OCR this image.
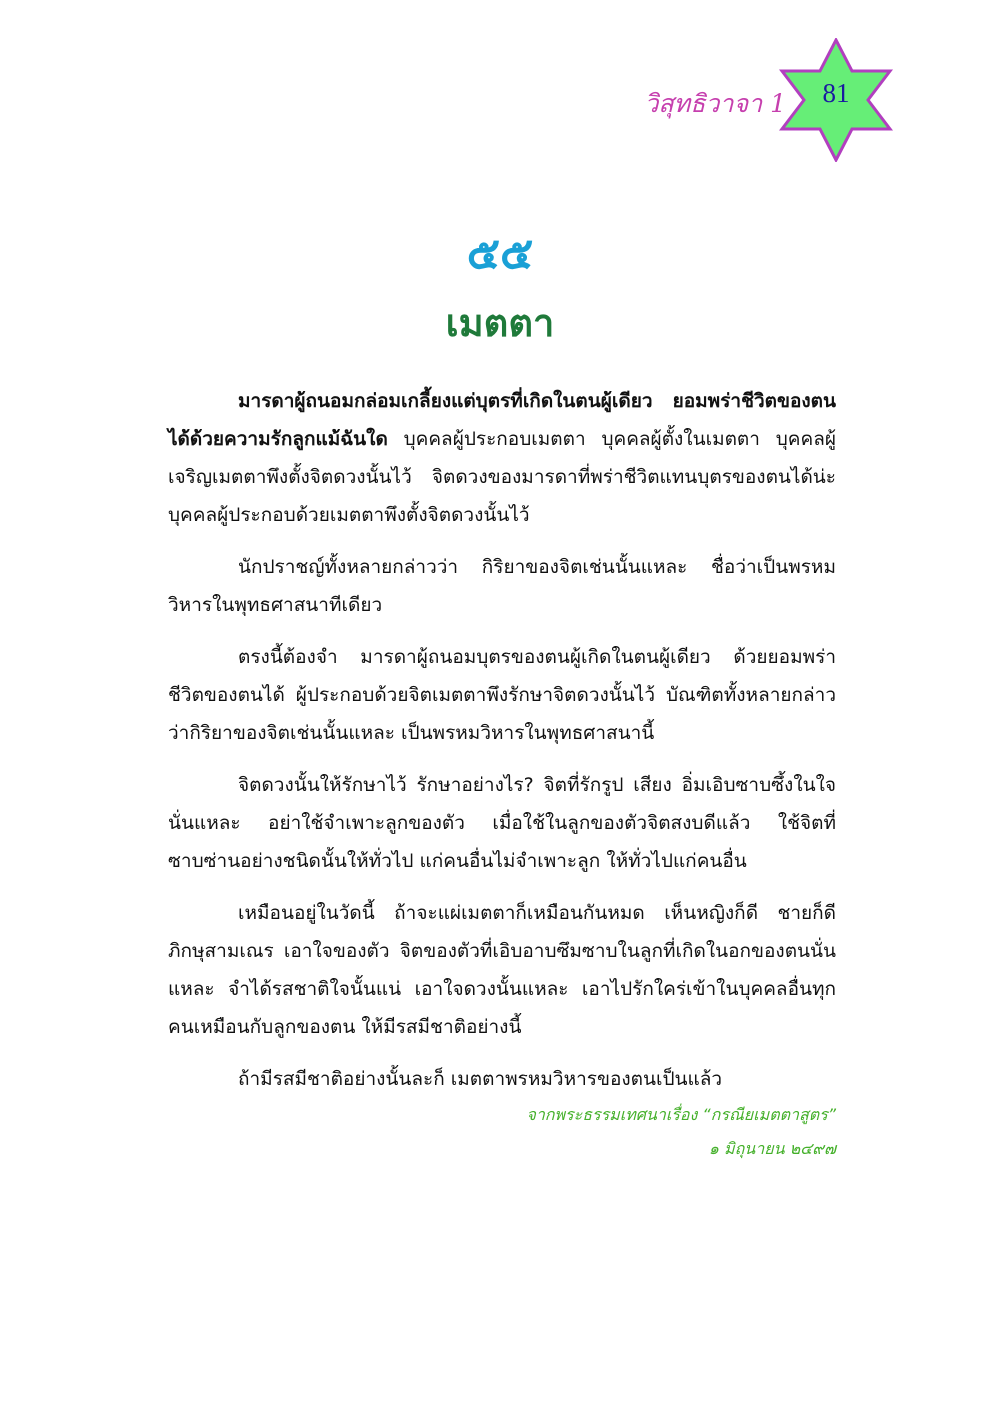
วิสุทธิวาจา 1	81
๕๕
เมตตา

มารดาผู้ถนอมกล่อมเกลี้ยงแต่บุตรที่เกิดในตนผู้เดียว ยอมพร่าชีวิตของตนได้ด้วยความรักลูกแม้ฉันใด บุคคลผู้ประกอบเมตตา บุคคลผู้ตั้งในเมตตา บุคคลผู้เจริญเมตตาพึงตั้งจิตดวงนั้นไว้ จิตดวงของมารดาที่พร่าชีวิตแทนบุตรของตนได้น่ะ บุคคลผู้ประกอบด้วยเมตตาพึงตั้งจิตดวงนั้นไว้

นักปราชญ์ทั้งหลายกล่าวว่า กิริยาของจิตเช่นนั้นแหละ ชื่อว่าเป็นพรหมวิหารในพุทธศาสนาทีเดียว

ตรงนี้ต้องจำ มารดาผู้ถนอมบุตรของตนผู้เกิดในตนผู้เดียว ด้วยยอมพร่าชีวิตของตนได้ ผู้ประกอบด้วยจิตเมตตาพึงรักษาจิตดวงนั้นไว้ บัณฑิตทั้งหลายกล่าวว่ากิริยาของจิตเช่นนั้นแหละ เป็นพรหมวิหารในพุทธศาสนานี้

จิตดวงนั้นให้รักษาไว้ รักษาอย่างไร? จิตที่รักรูป เสียง อิ่มเอิบซาบซึ้งในใจนั่นแหละ อย่าใช้จำเพาะลูกของตัว เมื่อใช้ในลูกของตัวจิตสงบดีแล้ว ใช้จิตที่ซาบซ่านอย่างชนิดนั้นให้ทั่วไป แก่คนอื่นไม่จำเพาะลูก ให้ทั่วไปแก่คนอื่น

เหมือนอยู่ในวัดนี้ ถ้าจะแผ่เมตตาก็เหมือนกันหมด เห็นหญิงก็ดี ชายก็ดี ภิกษุสามเณร เอาใจของตัว จิตของตัวที่เอิบอาบซึมซาบในลูกที่เกิดในอกของตนนั่นแหละ จำได้รสชาติใจนั้นแน่ เอาใจดวงนั้นแหละ เอาไปรักใคร่เข้าในบุคคลอื่นทุกคนเหมือนกับลูกของตน ให้มีรสมีชาติอย่างนี้

ถ้ามีรสมีชาติอย่างนั้นละก็ เมตตาพรหมวิหารของตนเป็นแล้ว

จากพระธรรมเทศนาเรื่อง “กรณียเมตตาสูตร”
๑ มิถุนายน ๒๔๙๗
